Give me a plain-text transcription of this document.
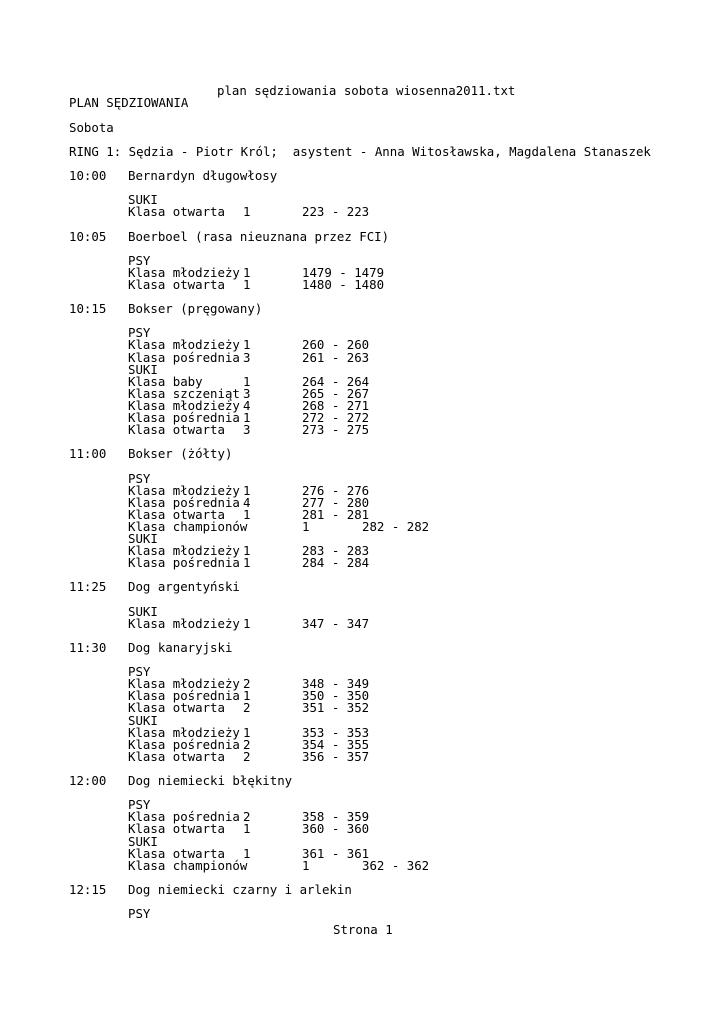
plan sędziowania sobota wiosenna2011.txt
PLAN SĘDZIOWANIA
Sobota
RING 1: Sędzia - Piotr Król;  asystent - Anna Witosławska, Magdalena Stanaszek
10:00 Bernardyn długowłosy
SUKI
Klasa otwarta 1	223 - 223
10:05 Boerboel (rasa nieuznana przez FCI)
PSY
Klasa młodzieży 1	1479 - 1479
Klasa otwarta 1	1480 - 1480
10:15 Bokser (pręgowany)
PSY
Klasa młodzieży 1	260 - 260
Klasa pośrednia 3	261 - 263
SUKI
Klasa baby	1	264 - 264
Klasa szczeniąt 3	265 - 267
Klasa młodzieży 4	268 - 271
Klasa pośrednia 1	272 - 272
Klasa otwarta 3	273 - 275
11:00 Bokser (żółty)
PSY
Klasa młodzieży 1	276 - 276
Klasa pośrednia 4	277 - 280
Klasa otwarta 1	281 - 281
Klasa championów	1	282 - 282
SUKI
Klasa młodzieży 1	283 - 283
Klasa pośrednia 1	284 - 284
11:25 Dog argentyński
SUKI
Klasa młodzieży 1	347 - 347
11:30 Dog kanaryjski
PSY
Klasa młodzieży 2	348 - 349
Klasa pośrednia 1	350 - 350
Klasa otwarta 2	351 - 352
SUKI
Klasa młodzieży 1	353 - 353
Klasa pośrednia 2	354 - 355
Klasa otwarta 2	356 - 357
12:00 Dog niemiecki błękitny
PSY
Klasa pośrednia 2	358 - 359
Klasa otwarta 1	360 - 360
SUKI
Klasa otwarta 1	361 - 361
Klasa championów	1	362 - 362
12:15 Dog niemiecki czarny i arlekin
PSY
Strona 1
